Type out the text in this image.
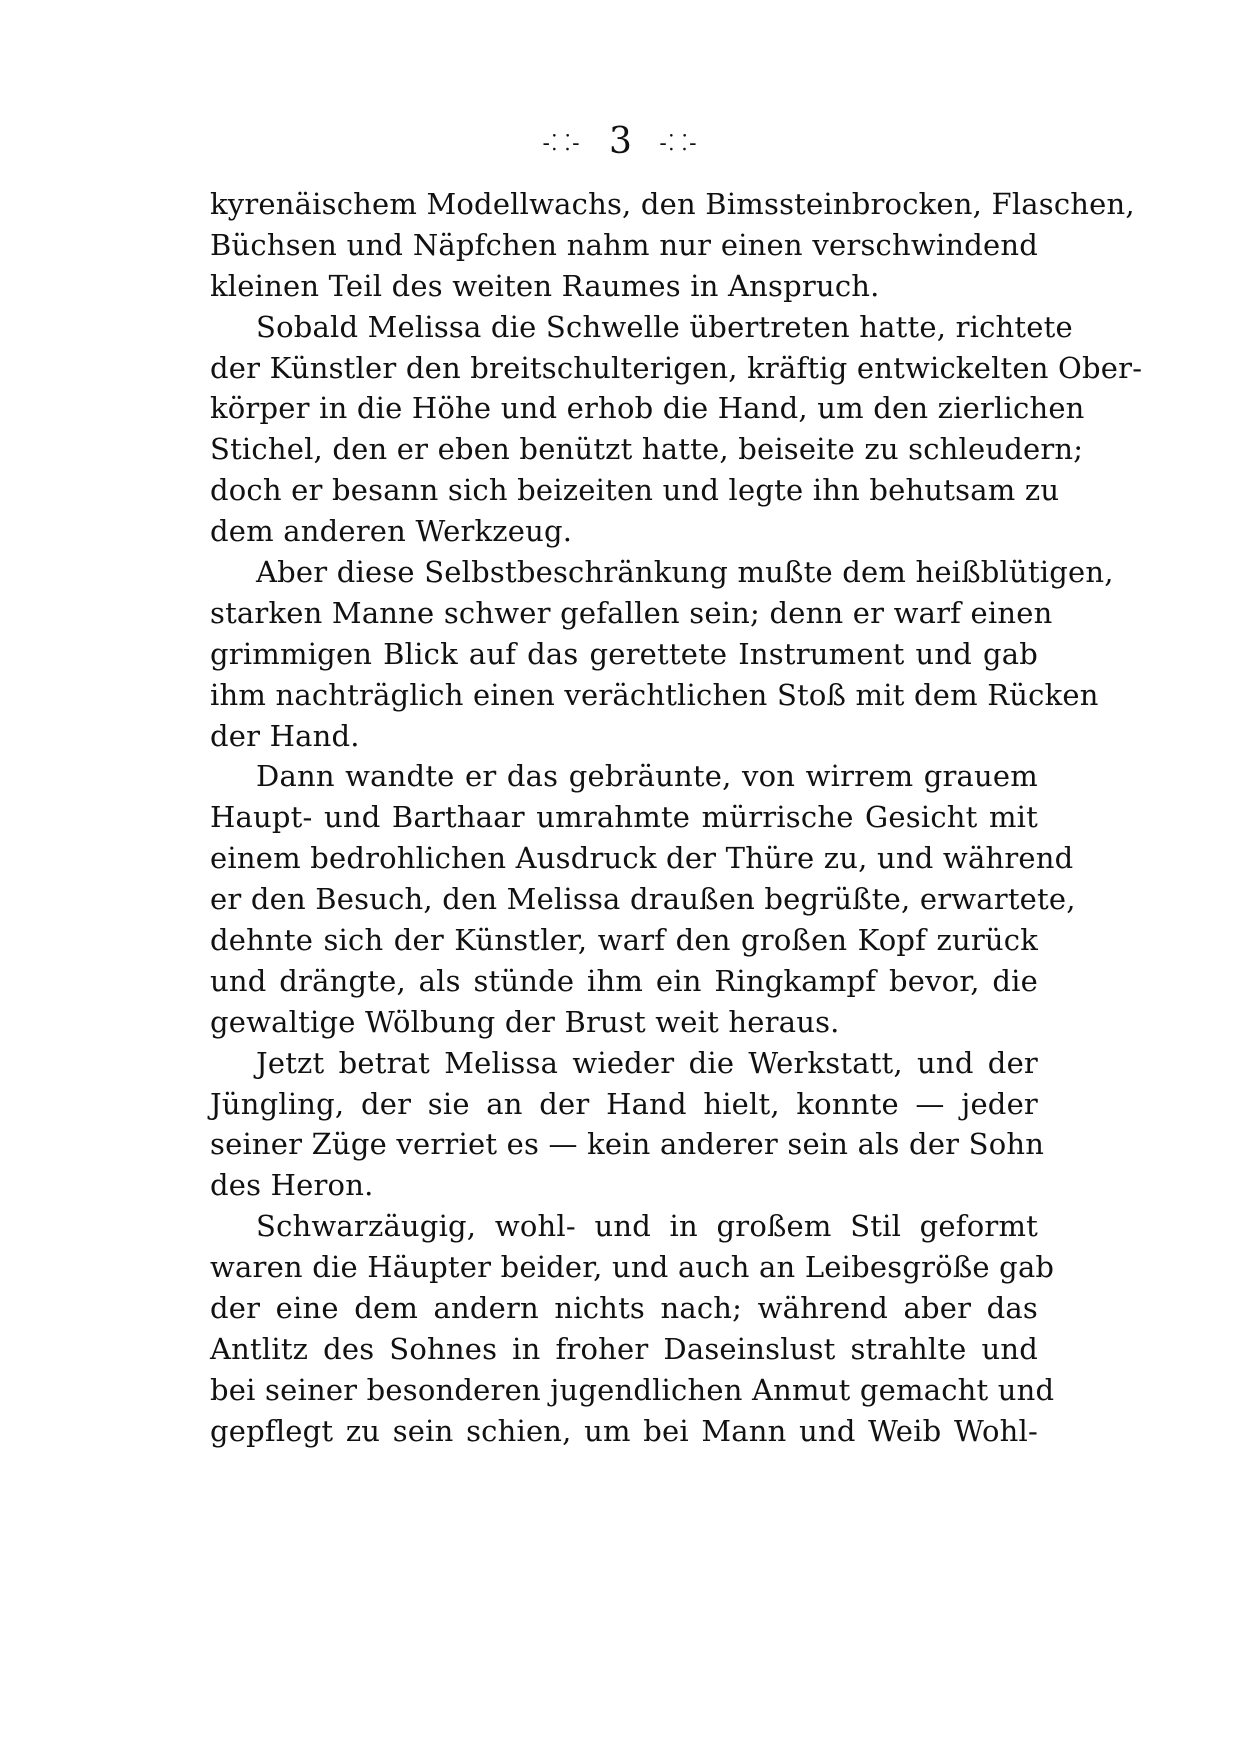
-⸬- 3 -⸬-
kyrenäischem Modellwachs, den Bimssteinbrocken, Flaschen,
Büchsen und Näpfchen nahm nur einen verschwindend
kleinen Teil des weiten Raumes in Anspruch.
Sobald Melissa die Schwelle übertreten hatte, richtete
der Künstler den breitschulterigen, kräftig entwickelten Ober-
körper in die Höhe und erhob die Hand, um den zierlichen
Stichel, den er eben benützt hatte, beiseite zu schleudern;
doch er besann sich beizeiten und legte ihn behutsam zu
dem anderen Werkzeug.
Aber diese Selbstbeschränkung mußte dem heißblütigen,
starken Manne schwer gefallen sein; denn er warf einen
grimmigen Blick auf das gerettete Instrument und gab
ihm nachträglich einen verächtlichen Stoß mit dem Rücken
der Hand.
Dann wandte er das gebräunte, von wirrem grauem
Haupt- und Barthaar umrahmte mürrische Gesicht mit
einem bedrohlichen Ausdruck der Thüre zu, und während
er den Besuch, den Melissa draußen begrüßte, erwartete,
dehnte sich der Künstler, warf den großen Kopf zurück
und drängte, als stünde ihm ein Ringkampf bevor, die
gewaltige Wölbung der Brust weit heraus.
Jetzt betrat Melissa wieder die Werkstatt, und der
Jüngling, der sie an der Hand hielt, konnte — jeder
seiner Züge verriet es — kein anderer sein als der Sohn
des Heron.
Schwarzäugig, wohl- und in großem Stil geformt
waren die Häupter beider, und auch an Leibesgröße gab
der eine dem andern nichts nach; während aber das
Antlitz des Sohnes in froher Daseinslust strahlte und
bei seiner besonderen jugendlichen Anmut gemacht und
gepflegt zu sein schien, um bei Mann und Weib Wohl-
